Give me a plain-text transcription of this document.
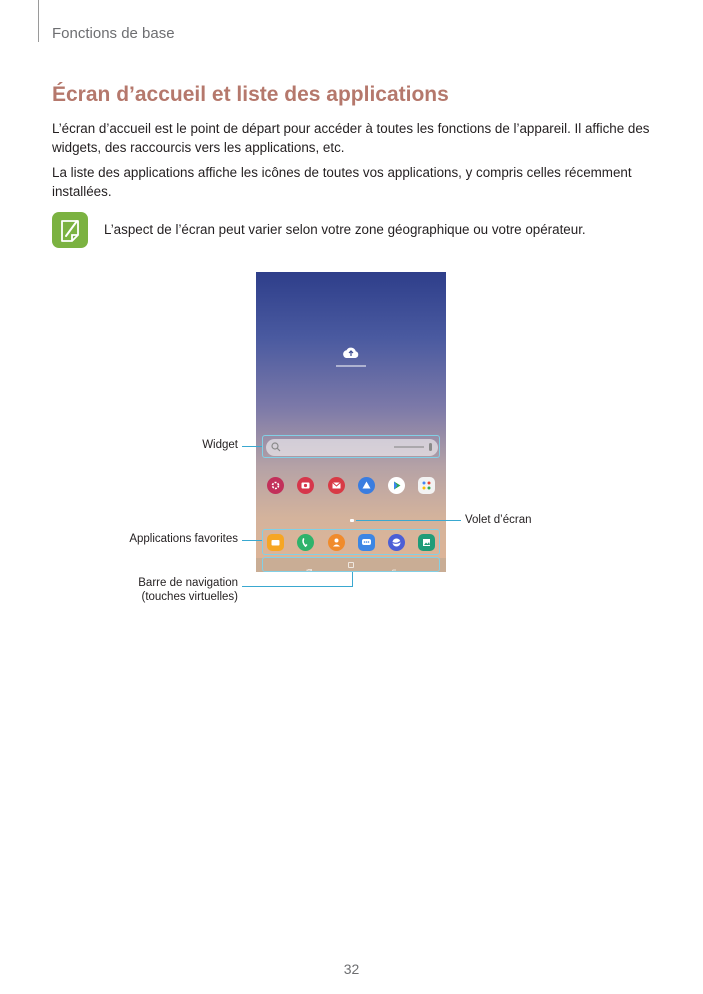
Fonctions de base
Écran d’accueil et liste des applications

L’écran d’accueil est le point de départ pour accéder à toutes les fonctions de l’appareil. Il affiche des widgets, des raccourcis vers les applications, etc.

La liste des applications affiche les icônes de toutes vos applications, y compris celles récemment installées.

L’aspect de l’écran peut varier selon votre zone géographique ou votre opérateur.

Widget
Volet d’écran
Applications favorites
Barre de navigation
(touches virtuelles)
32
